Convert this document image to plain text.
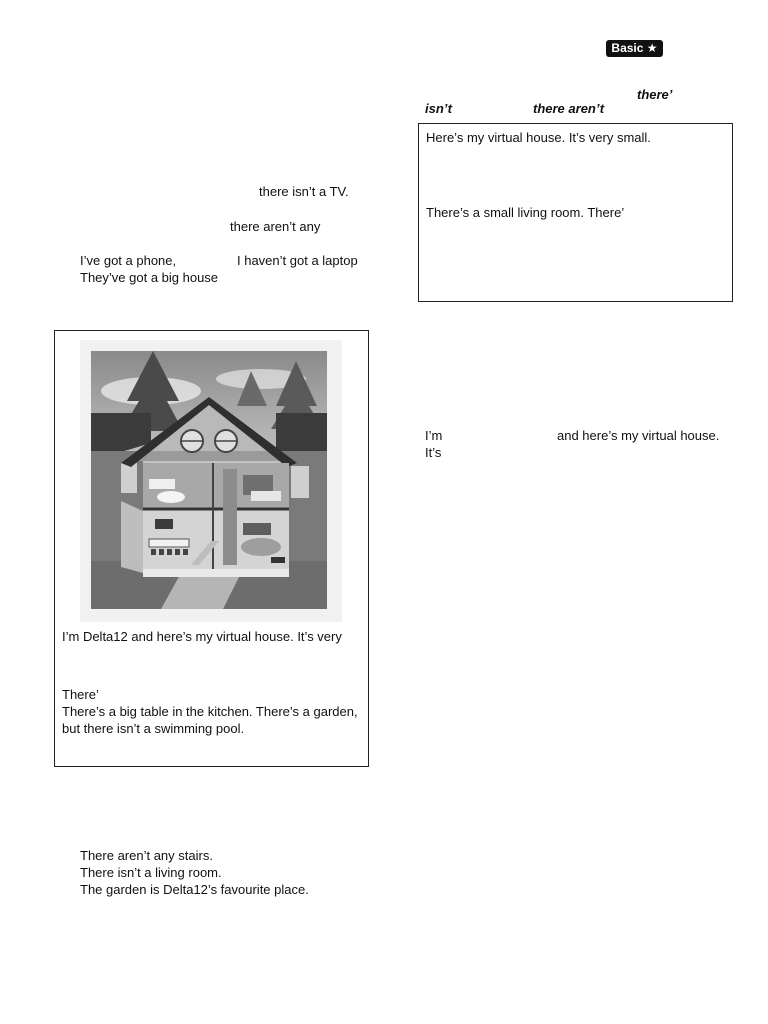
Basic ★
there isn’t a TV.
there aren’t any
I’ve got a phone,	I haven’t got a laptop
They’ve got a big house
there’
isn’t	there aren’t
Here’s my virtual house. It’s very small.
There’s a small living room. There’
I’m Delta12 and here’s my virtual house. It’s very
There’
There’s a big table in the kitchen. There’s a garden,
but there isn’t a swimming pool.
I’m	and here’s my virtual house.
It’s
There aren’t any stairs.
There isn’t a living room.
The garden is Delta12’s favourite place.
